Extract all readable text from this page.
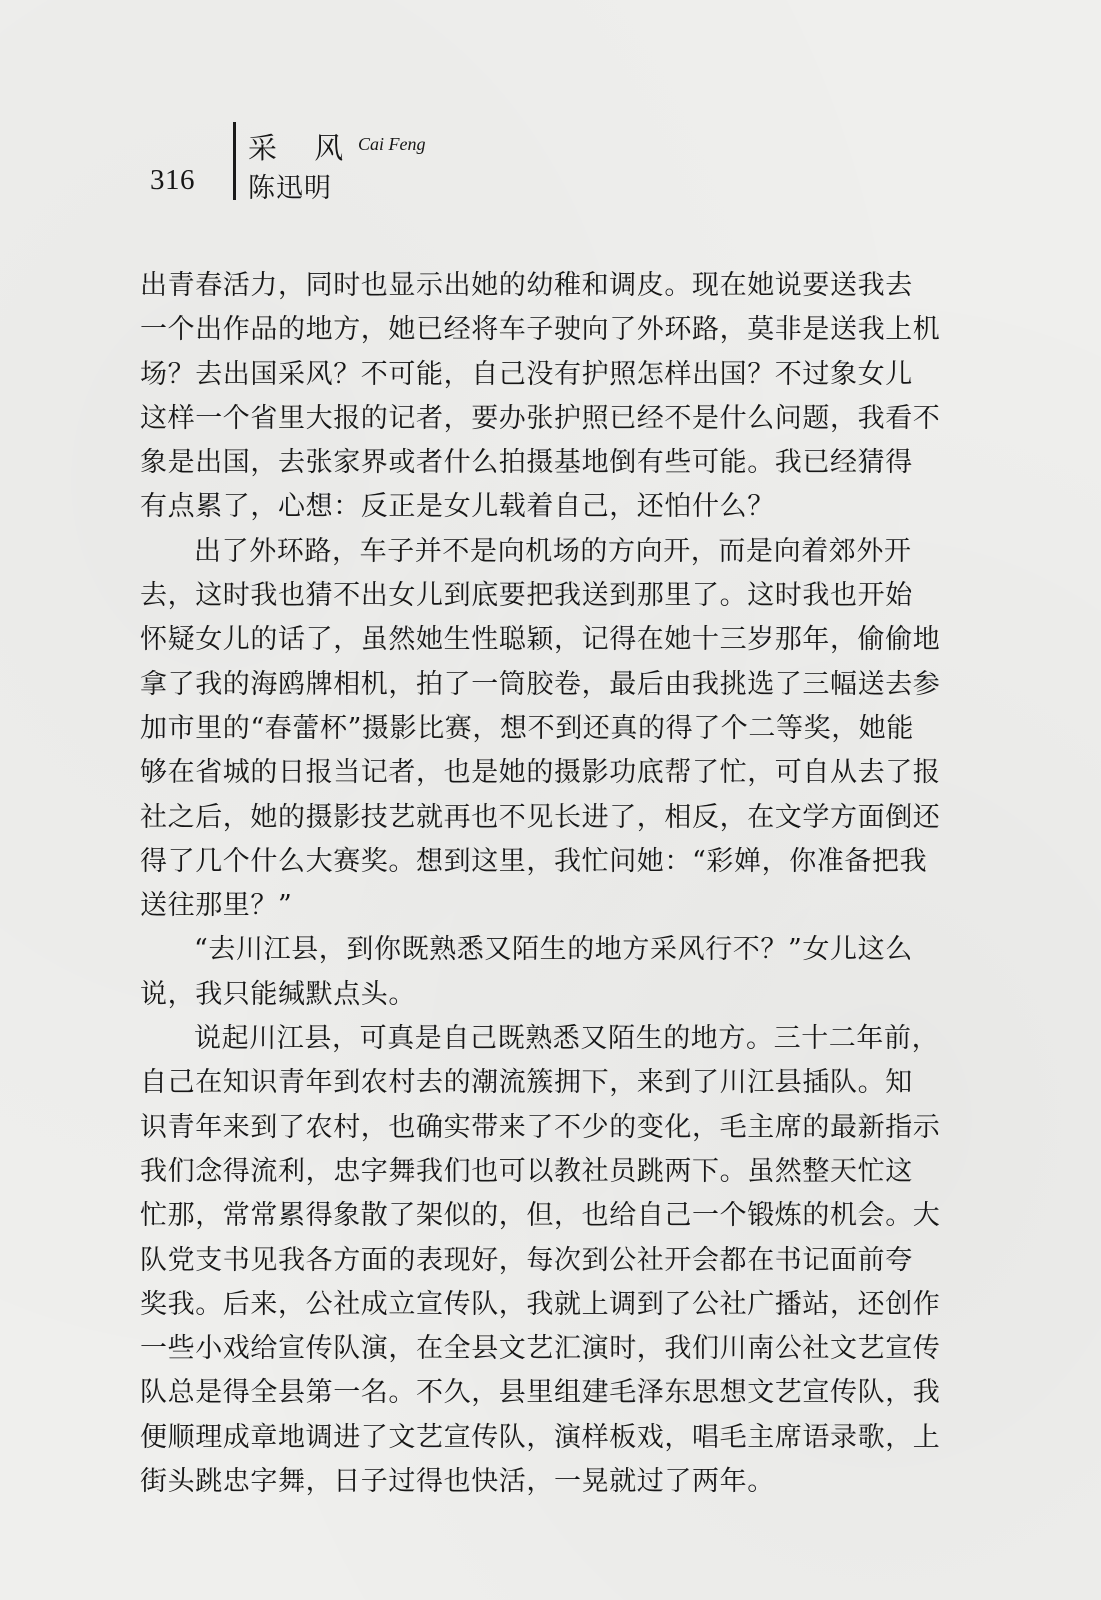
316
采 风 Cai Feng
陈迅明
出青春活力，同时也显示出她的幼稚和调皮。现在她说要送我去
一个出作品的地方，她已经将车子驶向了外环路，莫非是送我上机
场？去出国采风？不可能，自己没有护照怎样出国？不过象女儿
这样一个省里大报的记者，要办张护照已经不是什么问题，我看不
象是出国，去张家界或者什么拍摄基地倒有些可能。我已经猜得
有点累了，心想：反正是女儿载着自己，还怕什么？
出了外环路，车子并不是向机场的方向开，而是向着郊外开
去，这时我也猜不出女儿到底要把我送到那里了。这时我也开始
怀疑女儿的话了，虽然她生性聪颖，记得在她十三岁那年，偷偷地
拿了我的海鸥牌相机，拍了一筒胶卷，最后由我挑选了三幅送去参
加市里的“春蕾杯”摄影比赛，想不到还真的得了个二等奖，她能
够在省城的日报当记者，也是她的摄影功底帮了忙，可自从去了报
社之后，她的摄影技艺就再也不见长进了，相反，在文学方面倒还
得了几个什么大赛奖。想到这里，我忙问她：“彩婵，你准备把我
送往那里？”
“去川江县，到你既熟悉又陌生的地方采风行不？”女儿这么
说，我只能缄默点头。
说起川江县，可真是自己既熟悉又陌生的地方。三十二年前，
自己在知识青年到农村去的潮流簇拥下，来到了川江县插队。知
识青年来到了农村，也确实带来了不少的变化，毛主席的最新指示
我们念得流利，忠字舞我们也可以教社员跳两下。虽然整天忙这
忙那，常常累得象散了架似的，但，也给自己一个锻炼的机会。大
队党支书见我各方面的表现好，每次到公社开会都在书记面前夸
奖我。后来，公社成立宣传队，我就上调到了公社广播站，还创作
一些小戏给宣传队演，在全县文艺汇演时，我们川南公社文艺宣传
队总是得全县第一名。不久，县里组建毛泽东思想文艺宣传队，我
便顺理成章地调进了文艺宣传队，演样板戏，唱毛主席语录歌，上
街头跳忠字舞，日子过得也快活，一晃就过了两年。
